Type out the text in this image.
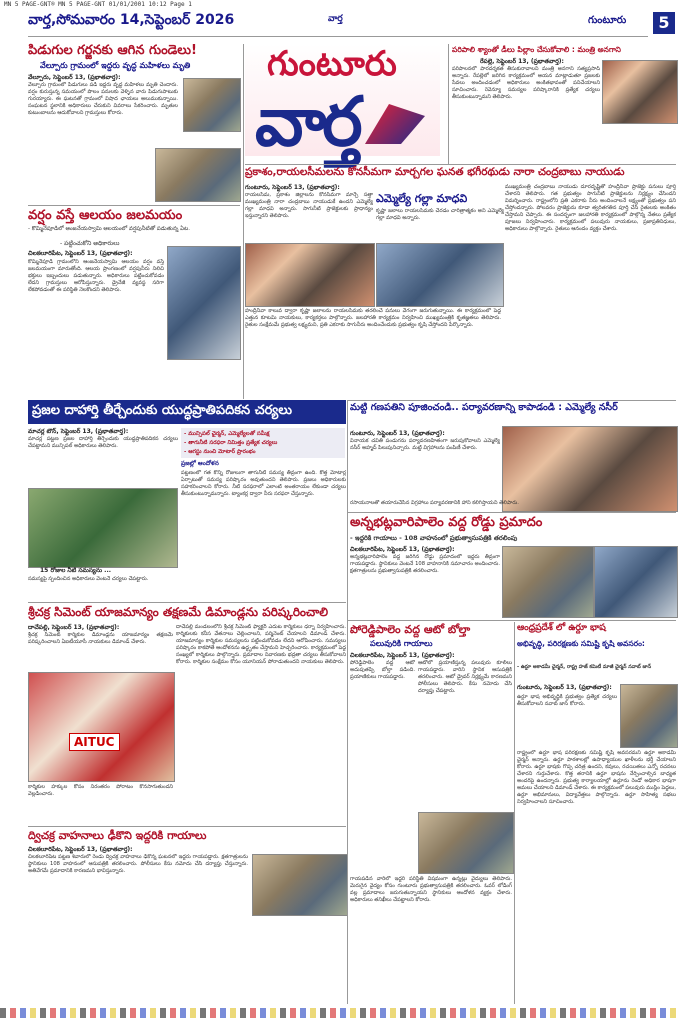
MN 5 PAGE-GNT® MN 5 PAGE-GNT 01/01/2001 10:12 Page 1
వార్త,సోమవారం 14,సెప్టెంబర్ 2026	వార్త	గుంటూరు	5
పిడుగుల గర్జనకు ఆగిన గుండెలు!
వేల్పూరు గ్రామంలో ఇద్దరు వృద్ధ మహిళలు మృతి
వేల్పూరు, సెప్టెంబర్ 13, (ప్రభాతవార్త):
వేల్పూరు గ్రామంలో పిడుగులు పడి ఇద్దరు వృద్ధ మహిళలు మృతి చెందారు. వర్షం కురుస్తున్న సమయంలో పొలం పనులకు వెళ్ళిన వారు పిడుగుపాటుకు గురయ్యారు. ఈ ఘటనతో గ్రామంలో విషాద ఛాయలు అలుముకున్నాయి. సంఘటన స్థలానికి అధికారులు చేరుకుని వివరాలు సేకరించారు. మృతుల కుటుంబాలను ఆదుకోవాలని గ్రామస్తులు కోరారు.
వర్షం వస్తే ఆలయం జలమయం
- కొమ్మినేపూడిలో ఆంజనేయస్వామి ఆలయంలో వర్షపునీటితో పడుతున్న ఏట.
- పట్టించుకోని అధికారులు
చిలకలూరిపేట, సెప్టెంబర్ 13, (ప్రభాతవార్త):
కొమ్మినేపూడి గ్రామంలోని ఆంజనేయస్వామి ఆలయం వర్షం వస్తే జలమయంగా మారుతోంది. ఆలయ ప్రాంగణంలో వర్షపునీరు నిలిచి భక్తులు ఇబ్బందులు పడుతున్నారు. అధికారులు పట్టించుకోవడం లేదని గ్రామస్తులు ఆరోపిస్తున్నారు. డ్రైనేజీ వ్యవస్థ సరిగా లేకపోవడంతో ఈ పరిస్థితి నెలకొందని తెలిపారు.
గుంటూరు
వార్త
పరిపాలి శ్యాంతో డీలు పిల్లాం చేసుకోవాలి : మంత్రి అనగాని
రేపల్లె, సెప్టెంబర్ 13, (ప్రభాతవార్త):
పరిపాలనలో పారదర్శకత తీసుకురావాలని మంత్రి అనగాని సత్యప్రసాద్ అన్నారు. రేపల్లెలో జరిగిన కార్యక్రమంలో ఆయన మాట్లాడుతూ ప్రజలకు సేవలు అందించడంలో అధికారులు అంకితభావంతో పనిచేయాలని సూచించారు. రెవెన్యూ సమస్యల పరిష్కారానికి ప్రత్యేక చర్యలు తీసుకుంటున్నామని తెలిపారు.
ప్రకాశం,రాయలసీమలను కోనసీమగా మార్చగల ఘనత భగీరథుడు నారా చంద్రబాబు నాయుడు
గుంటూరు, సెప్టెంబర్ 13, (ప్రభాతవార్త):
రాయలసీమ, ప్రకాశం జిల్లాలను కోనసీమగా మార్చే సత్తా ముఖ్యమంత్రి నారా చంద్రబాబు నాయుడుకే ఉందని ఎమ్మెల్యే గల్లా మాధవి అన్నారు. సాగునీటి ప్రాజెక్టులకు ప్రాధాన్యం ఇస్తున్నారని తెలిపారు.
హంద్రీనీవా కాలువ ద్వారా కృష్ణా జలాలను రాయలసీమకు తరలించే పనులు వేగంగా జరుగుతున్నాయి. ఈ కార్యక్రమంలో పెద్ద ఎత్తున కూటమి నాయకులు, కార్యకర్తలు పాల్గొన్నారు. జలహారతి కార్యక్రమం నిర్వహించి ముఖ్యమంత్రికి కృతజ్ఞతలు తెలిపారు. రైతుల సంక్షేమమే ప్రభుత్వ లక్ష్యమని, ప్రతి ఎకరాకు సాగునీరు అందించేందుకు ప్రభుత్వం కృషి చేస్తోందని పేర్కొన్నారు.
ఎమ్మెల్యే గల్లా మాధవి
కృష్ణా జలాలు రాయలసీమకు చేరడం చారిత్రాత్మకం అని ఎమ్మెల్యే గల్లా మాధవి అన్నారు.
ముఖ్యమంత్రి చంద్రబాబు నాయుడు దూరదృష్టితో హంద్రీనీవా ప్రాజెక్టు పనులు పూర్తి చేశారని తెలిపారు. గత ప్రభుత్వం సాగునీటి ప్రాజెక్టులను నిర్లక్ష్యం చేసిందని విమర్శించారు. రాష్ట్రంలోని ప్రతి ఎకరాకు నీరు అందించాలనే లక్ష్యంతో ప్రభుత్వం పని చేస్తోందన్నారు. పోలవరం ప్రాజెక్టును కూడా త్వరితగతిన పూర్తి చేసి రైతులకు అంకితం చేస్తామని చెప్పారు. ఈ సందర్భంగా జలహారతి కార్యక్రమంలో పాల్గొన్న నేతలు ప్రత్యేక పూజలు నిర్వహించారు. కార్యక్రమంలో పలువురు నాయకులు, ప్రజాప్రతినిధులు, అధికారులు పాల్గొన్నారు. రైతులు ఆనందం వ్యక్తం చేశారు.
ప్రజల దాహార్తి తీర్చేందుకు యుద్ధప్రాతిపదికన చర్యలు
మాచర్ల టౌన్, సెప్టెంబర్ 13, (ప్రభాతవార్త):
మాచర్ల పట్టణ ప్రజల దాహార్తి తీర్చేందుకు యుద్ధప్రాతిపదికన చర్యలు చేపట్టామని మున్సిపల్ అధికారులు తెలిపారు.
- మున్సిపల్ ఛైర్మన్, ఎమ్మెల్యేలతో సమీక్ష
- తాగునీటి సరఫరా నిమిత్తం ప్రత్యేక చర్యలు
- ఆగస్టు నుంచి మోటార్ ప్రారంభం
ప్రజల్లో ఆందోళన
15 రోజుల నీటి సమస్యను ...
పట్టణంలో గత కొన్ని రోజులుగా తాగునీటి సమస్య తీవ్రంగా ఉంది. కొత్త మోటార్ల ఏర్పాటుతో సమస్య పరిష్కారం అవుతుందని తెలిపారు. ప్రజలు అధికారులకు సహకరించాలని కోరారు. నీటి సరఫరాలో ఎలాంటి అంతరాయం లేకుండా చర్యలు తీసుకుంటున్నామన్నారు. ట్యాంకర్ల ద్వారా నీరు సరఫరా చేస్తున్నారు.
సమస్యపై స్పందించిన అధికారులు వెంటనే చర్యలు చేపట్టారు.
శ్రీచక్ర సిమెంట్ యాజమాన్యం తక్షణమే డిమాండ్లను పరిష్కరించాలి
దాచేపల్లి, సెప్టెంబర్ 13, (ప్రభాతవార్త):
శ్రీచక్ర సిమెంట్ కార్మికుల డిమాండ్లను యాజమాన్యం తక్షణమే పరిష్కరించాలని ఏఐటీయూసీ నాయకులు డిమాండ్ చేశారు.
AITUC
దాచేపల్లి మండలంలోని శ్రీచక్ర సిమెంట్ ఫ్యాక్టరీ ఎదుట కార్మికులు ధర్నా నిర్వహించారు. కార్మికులకు కనీస వేతనాలు చెల్లించాలని, పర్మినెంట్ చేయాలని డిమాండ్ చేశారు. యాజమాన్యం కార్మికుల సమస్యలను పట్టించుకోవడం లేదని ఆరోపించారు. సమస్యలు పరిష్కారం కాకపోతే ఆందోళనను ఉద్ధృతం చేస్తామని హెచ్చరించారు. కార్యక్రమంలో పెద్ద సంఖ్యలో కార్మికులు పాల్గొన్నారు. ప్రమాదాల నివారణకు భద్రతా చర్యలు తీసుకోవాలని కోరారు. కార్మికుల సంక్షేమం కోసం యూనియన్ పోరాడుతుందని నాయకులు తెలిపారు.
కార్మికుల హక్కుల కోసం నిరంతరం పోరాటం కొనసాగుతుందని వెల్లడించారు.
ద్విచక్ర వాహనాలు ఢీకొని ఇద్దరికి గాయాలు
చిలకలూరిపేట, సెప్టెంబర్ 13, (ప్రభాతవార్త):
చిలకలూరిపేట పట్టణ శివారులో రెండు ద్విచక్ర వాహనాలు ఢీకొన్న ఘటనలో ఇద్దరు గాయపడ్డారు. క్షతగాత్రులను స్థానికులు 108 వాహనంలో ఆసుపత్రికి తరలించారు. పోలీసులు కేసు నమోదు చేసి దర్యాప్తు చేస్తున్నారు. అతివేగమే ప్రమాదానికి కారణమని భావిస్తున్నారు.
మట్టి గణపతిని పూజించండి.. పర్యావరణాన్ని కాపాడండి : ఎమ్మెల్యే నసీర్
గుంటూరు, సెప్టెంబర్ 13, (ప్రభాతవార్త):
వినాయక చవితి పండుగను పర్యావరణహితంగా జరుపుకోవాలని ఎమ్మెల్యే నసీర్ అహ్మద్ పిలుపునిచ్చారు. మట్టి విగ్రహాలను పంపిణీ చేశారు.
రసాయనాలతో తయారుచేసిన విగ్రహాలు పర్యావరణానికి హాని కలిగిస్తాయని తెలిపారు.
అన్నభట్లవారిపాలెం వద్ద రోడ్డు ప్రమాదం
- ఇద్దరికి గాయాలు - 108 వాహనంలో ప్రభుత్వాసుపత్రికి తరలింపు
చిలకలూరిపేట, సెప్టెంబర్ 13, (ప్రభాతవార్త):
అన్నభట్లవారిపాలెం వద్ద జరిగిన రోడ్డు ప్రమాదంలో ఇద్దరు తీవ్రంగా గాయపడ్డారు. స్థానికులు వెంటనే 108 వాహనానికి సమాచారం అందించారు. క్షతగాత్రులను ప్రభుత్వాసుపత్రికి తరలించారు.
పోరెడ్డిపాలెం వద్ద ఆటో బోల్తా
పలువురికి గాయాలు
చిలకలూరిపేట, సెప్టెంబర్ 13, (ప్రభాతవార్త):
పోరెడ్డిపాలెం వద్ద ఆటో అదుపుతప్పి బోల్తా పడింది. ప్రయాణికులు గాయపడ్డారు.
ఆటోలో ప్రయాణిస్తున్న పలువురు కూలీలు గాయపడ్డారు. వారిని స్థానిక ఆసుపత్రికి తరలించారు. ఆటో డ్రైవర్ నిర్లక్ష్యమే కారణమని పోలీసులు తెలిపారు. కేసు నమోదు చేసి దర్యాప్తు చేపట్టారు.
గాయపడిన వారిలో ఇద్దరి పరిస్థితి విషమంగా ఉన్నట్లు వైద్యులు తెలిపారు. మెరుగైన వైద్యం కోసం గుంటూరు ప్రభుత్వాసుపత్రికి తరలించారు. ఓవర్ లోడింగ్ వల్ల ప్రమాదాలు జరుగుతున్నాయని స్థానికులు ఆందోళన వ్యక్తం చేశారు. అధికారులు తనిఖీలు చేపట్టాలని కోరారు.
ఆంధ్రప్రదేశ్ లో ఉర్దూ భాష
అభివృద్ధి, పరిరక్షణకు సమిష్టి కృషి అవసరం:
- ఉర్దూ అకాడమీ ఛైర్మన్, రాష్ట్ర హజ్ కమిటీ మాజీ ఛైర్మన్ నవాబ్ జాన్
గుంటూరు, సెప్టెంబర్ 13, (ప్రభాతవార్త):
ఉర్దూ భాష అభివృద్ధికి ప్రభుత్వం ప్రత్యేక చర్యలు తీసుకోవాలని నవాబ్ జాన్ కోరారు.
రాష్ట్రంలో ఉర్దూ భాష పరిరక్షణకు సమిష్టి కృషి అవసరమని ఉర్దూ అకాడమీ ఛైర్మన్ అన్నారు. ఉర్దూ పాఠశాలల్లో ఉపాధ్యాయుల ఖాళీలను భర్తీ చేయాలని కోరారు. ఉర్దూ భాషకు గొప్ప చరిత్ర ఉందని, కవులు, రచయితలు ఎన్నో రచనలు చేశారని గుర్తుచేశారు. కొత్త తరానికి ఉర్దూ భాషను నేర్పించాల్సిన బాధ్యత అందరిపై ఉందన్నారు. ప్రభుత్వ కార్యాలయాల్లో ఉర్దూను రెండో అధికార భాషగా అమలు చేయాలని డిమాండ్ చేశారు. ఈ కార్యక్రమంలో పలువురు ముస్లిం పెద్దలు, ఉర్దూ అభిమానులు, విద్యావేత్తలు పాల్గొన్నారు. ఉర్దూ సాహిత్య సభలు నిర్వహించాలని సూచించారు.
